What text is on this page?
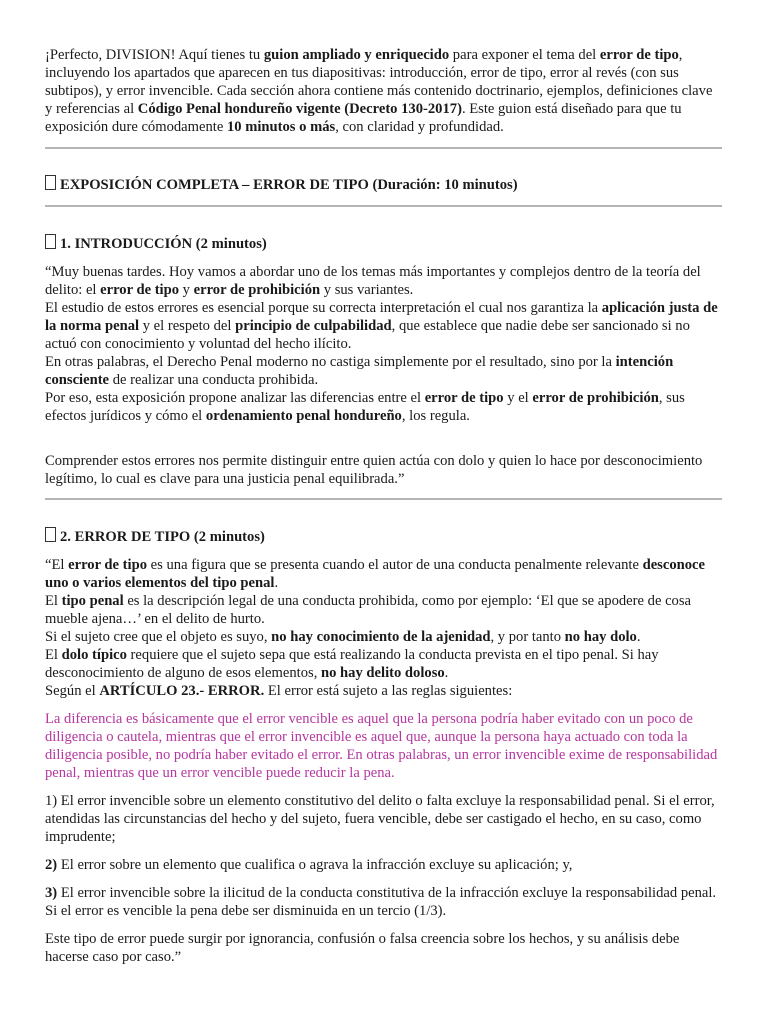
¡Perfecto, DIVISION! Aquí tienes tu guion ampliado y enriquecido para exponer el tema del error de tipo, incluyendo los apartados que aparecen en tus diapositivas: introducción, error de tipo, error al revés (con sus subtipos), y error invencible. Cada sección ahora contiene más contenido doctrinario, ejemplos, definiciones clave y referencias al Código Penal hondureño vigente (Decreto 130-2017). Este guion está diseñado para que tu exposición dure cómodamente 10 minutos o más, con claridad y profundidad.

EXPOSICIÓN COMPLETA – ERROR DE TIPO (Duración: 10 minutos)

1. INTRODUCCIÓN (2 minutos)

“Muy buenas tardes. Hoy vamos a abordar uno de los temas más importantes y complejos dentro de la teoría del delito: el error de tipo y error de prohibición y sus variantes.
El estudio de estos errores es esencial porque su correcta interpretación el cual nos garantiza la aplicación justa de la norma penal y el respeto del principio de culpabilidad, que establece que nadie debe ser sancionado si no actuó con conocimiento y voluntad del hecho ilícito.
En otras palabras, el Derecho Penal moderno no castiga simplemente por el resultado, sino por la intención consciente de realizar una conducta prohibida.
Por eso, esta exposición propone analizar las diferencias entre el error de tipo y el error de prohibición, sus efectos jurídicos y cómo el ordenamiento penal hondureño, los regula.

Comprender estos errores nos permite distinguir entre quien actúa con dolo y quien lo hace por desconocimiento legítimo, lo cual es clave para una justicia penal equilibrada.”

2. ERROR DE TIPO (2 minutos)

“El error de tipo es una figura que se presenta cuando el autor de una conducta penalmente relevante desconoce uno o varios elementos del tipo penal.
El tipo penal es la descripción legal de una conducta prohibida, como por ejemplo: ‘El que se apodere de cosa mueble ajena…’ en el delito de hurto.
Si el sujeto cree que el objeto es suyo, no hay conocimiento de la ajenidad, y por tanto no hay dolo.
El dolo típico requiere que el sujeto sepa que está realizando la conducta prevista en el tipo penal. Si hay desconocimiento de alguno de esos elementos, no hay delito doloso.
Según el ARTÍCULO 23.- ERROR. El error está sujeto a las reglas siguientes:

La diferencia es básicamente que el error vencible es aquel que la persona podría haber evitado con un poco de diligencia o cautela, mientras que el error invencible es aquel que, aunque la persona haya actuado con toda la diligencia posible, no podría haber evitado el error. En otras palabras, un error invencible exime de responsabilidad penal, mientras que un error vencible puede reducir la pena.

1) El error invencible sobre un elemento constitutivo del delito o falta excluye la responsabilidad penal. Si el error, atendidas las circunstancias del hecho y del sujeto, fuera vencible, debe ser castigado el hecho, en su caso, como imprudente;

2) El error sobre un elemento que cualifica o agrava la infracción excluye su aplicación; y,

3) El error invencible sobre la ilicitud de la conducta constitutiva de la infracción excluye la responsabilidad penal. Si el error es vencible la pena debe ser disminuida en un tercio (1/3).

Este tipo de error puede surgir por ignorancia, confusión o falsa creencia sobre los hechos, y su análisis debe hacerse caso por caso.”
